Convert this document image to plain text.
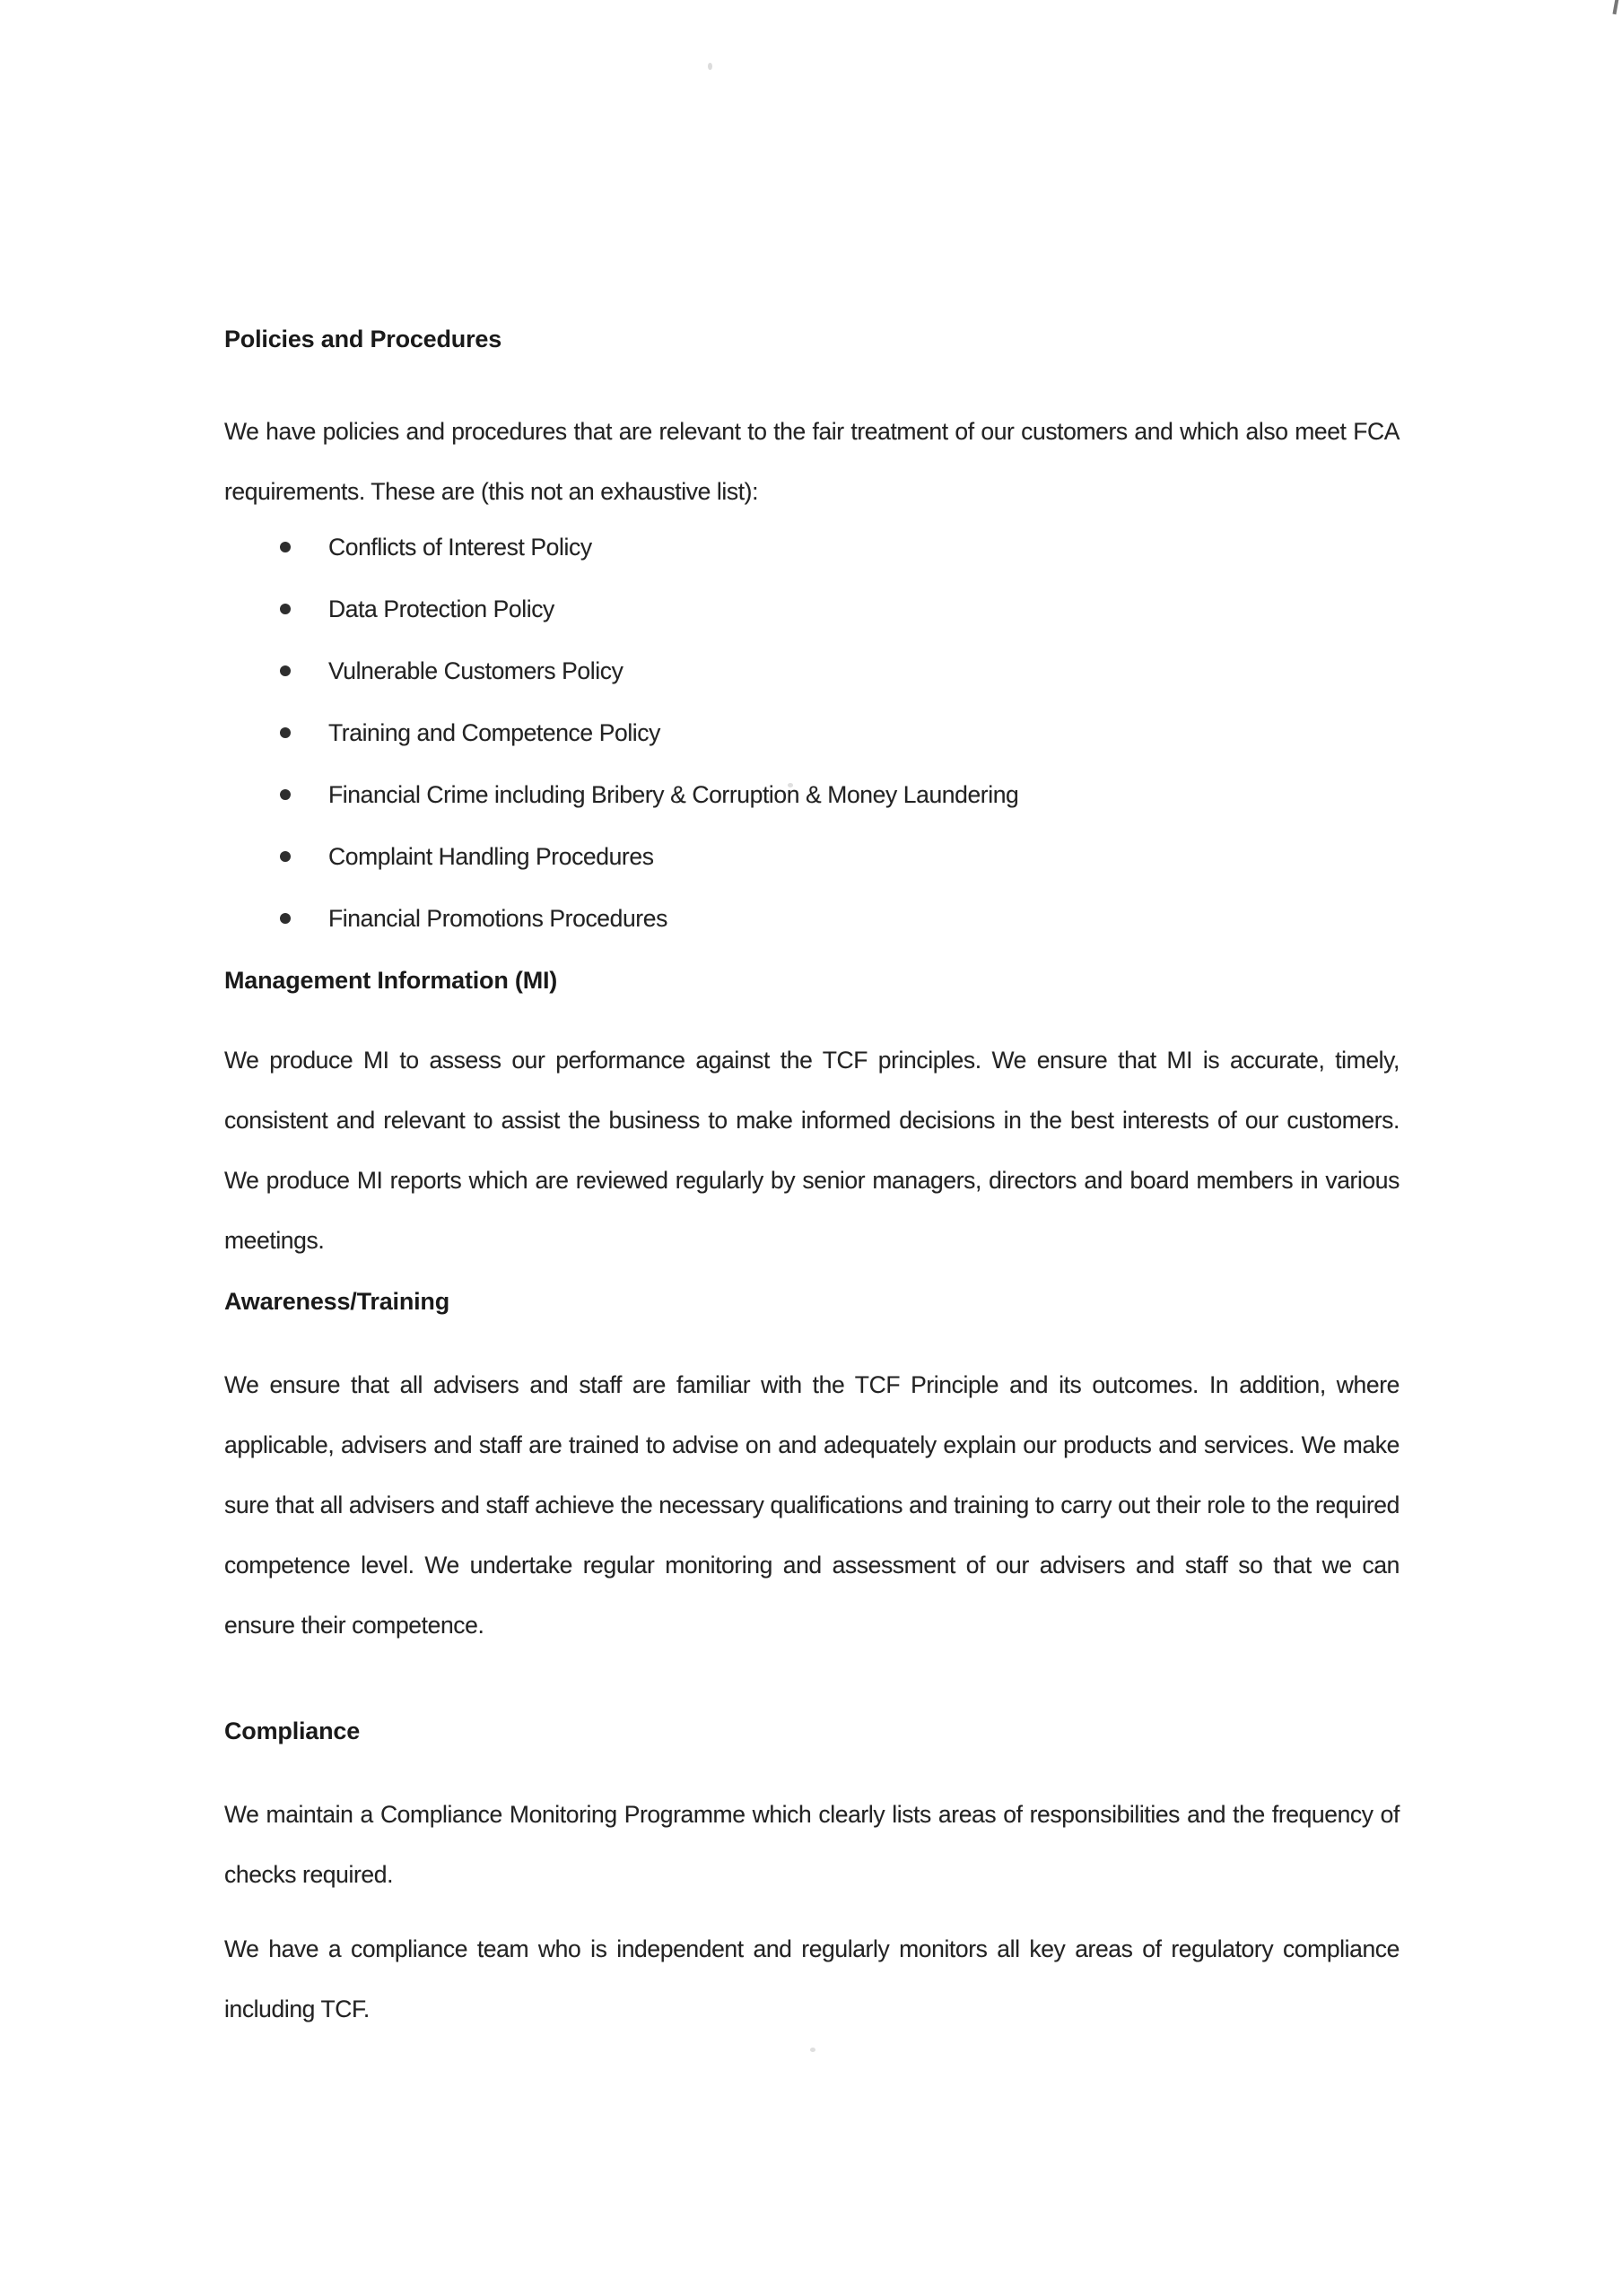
Policies and Procedures

We have policies and procedures that are relevant to the fair treatment of our customers and which also meet FCA requirements. These are (this not an exhaustive list):

Conflicts of Interest Policy
Data Protection Policy
Vulnerable Customers Policy
Training and Competence Policy
Financial Crime including Bribery & Corruption & Money Laundering
Complaint Handling Procedures
Financial Promotions Procedures

Management Information (MI)

We produce MI to assess our performance against the TCF principles. We ensure that MI is accurate, timely, consistent and relevant to assist the business to make informed decisions in the best interests of our customers. We produce MI reports which are reviewed regularly by senior managers, directors and board members in various meetings.

Awareness/Training

We ensure that all advisers and staff are familiar with the TCF Principle and its outcomes. In addition, where applicable, advisers and staff are trained to advise on and adequately explain our products and services. We make sure that all advisers and staff achieve the necessary qualifications and training to carry out their role to the required competence level. We undertake regular monitoring and assessment of our advisers and staff so that we can ensure their competence.

Compliance

We maintain a Compliance Monitoring Programme which clearly lists areas of responsibilities and the frequency of checks required.

We have a compliance team who is independent and regularly monitors all key areas of regulatory compliance including TCF.
